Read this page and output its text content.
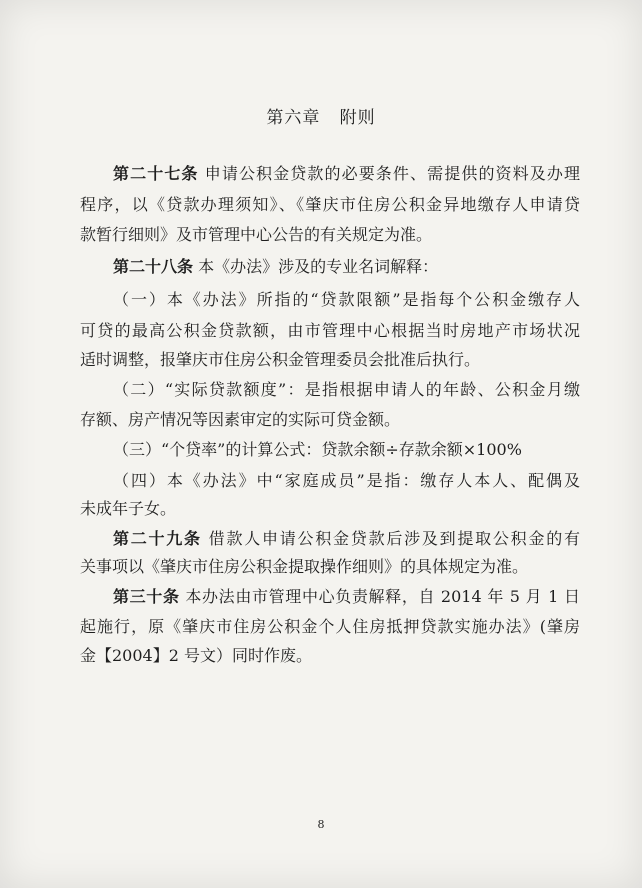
第六章   附则
第二十七条 申请公积金贷款的必要条件、需提供的资料及办理
程序，以《贷款办理须知》、《肇庆市住房公积金异地缴存人申请贷
款暂行细则》及市管理中心公告的有关规定为准。
第二十八条 本《办法》涉及的专业名词解释：
（一）本《办法》所指的“贷款限额”是指每个公积金缴存人
可贷的最高公积金贷款额，由市管理中心根据当时房地产市场状况
适时调整，报肇庆市住房公积金管理委员会批准后执行。
（二）“实际贷款额度”：是指根据申请人的年龄、公积金月缴
存额、房产情况等因素审定的实际可贷金额。
（三）“个贷率”的计算公式：贷款余额÷存款余额×100%
（四）本《办法》中“家庭成员”是指：缴存人本人、配偶及
未成年子女。
第二十九条 借款人申请公积金贷款后涉及到提取公积金的有
关事项以《肇庆市住房公积金提取操作细则》的具体规定为准。
第三十条 本办法由市管理中心负责解释，自 2014 年 5 月 1 日
起施行，原《肇庆市住房公积金个人住房抵押贷款实施办法》(肇房
金【2004】2 号文）同时作废。
8
